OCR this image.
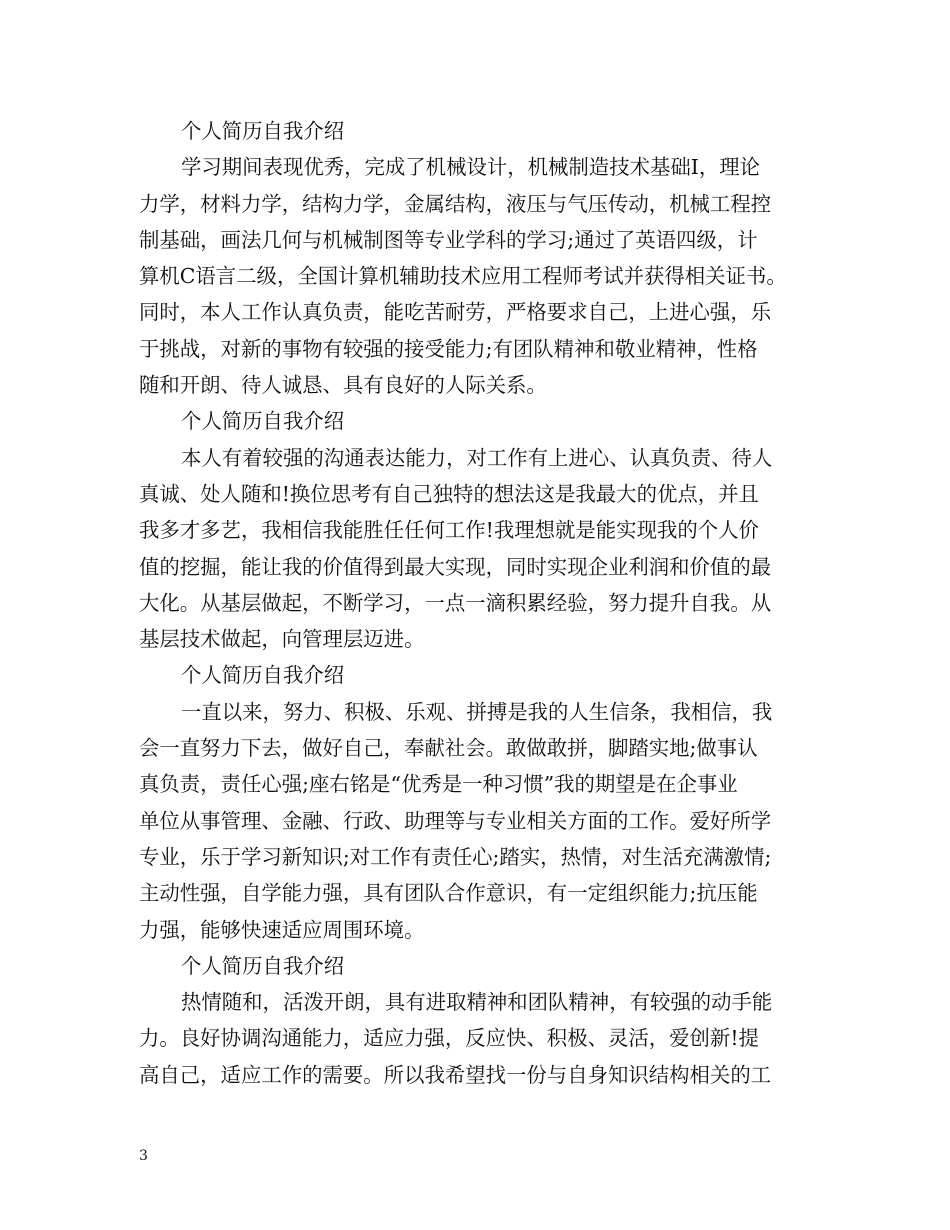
个人简历自我介绍
学习期间表现优秀，完成了机械设计，机械制造技术基础Ⅰ，理论
力学，材料力学，结构力学，金属结构，液压与气压传动，机械工程控
制基础，画法几何与机械制图等专业学科的学习;通过了英语四级，计
算机C语言二级，全国计算机辅助技术应用工程师考试并获得相关证书。
同时，本人工作认真负责，能吃苦耐劳，严格要求自己，上进心强，乐
于挑战，对新的事物有较强的接受能力;有团队精神和敬业精神，性格
随和开朗、待人诚恳、具有良好的人际关系。
个人简历自我介绍
本人有着较强的沟通表达能力，对工作有上进心、认真负责、待人
真诚、处人随和!换位思考有自己独特的想法这是我最大的优点，并且
我多才多艺，我相信我能胜任任何工作!我理想就是能实现我的个人价
值的挖掘，能让我的价值得到最大实现，同时实现企业利润和价值的最
大化。从基层做起，不断学习，一点一滴积累经验，努力提升自我。从
基层技术做起，向管理层迈进。
个人简历自我介绍
一直以来，努力、积极、乐观、拼搏是我的人生信条，我相信，我
会一直努力下去，做好自己，奉献社会。敢做敢拼，脚踏实地;做事认
真负责，责任心强;座右铭是“优秀是一种习惯”我的期望是在企事业
单位从事管理、金融、行政、助理等与专业相关方面的工作。爱好所学
专业，乐于学习新知识;对工作有责任心;踏实，热情，对生活充满激情;
主动性强，自学能力强，具有团队合作意识，有一定组织能力;抗压能
力强，能够快速适应周围环境。
个人简历自我介绍
热情随和，活泼开朗，具有进取精神和团队精神，有较强的动手能
力。良好协调沟通能力，适应力强，反应快、积极、灵活，爱创新!提
高自己，适应工作的需要。所以我希望找一份与自身知识结构相关的工
3
